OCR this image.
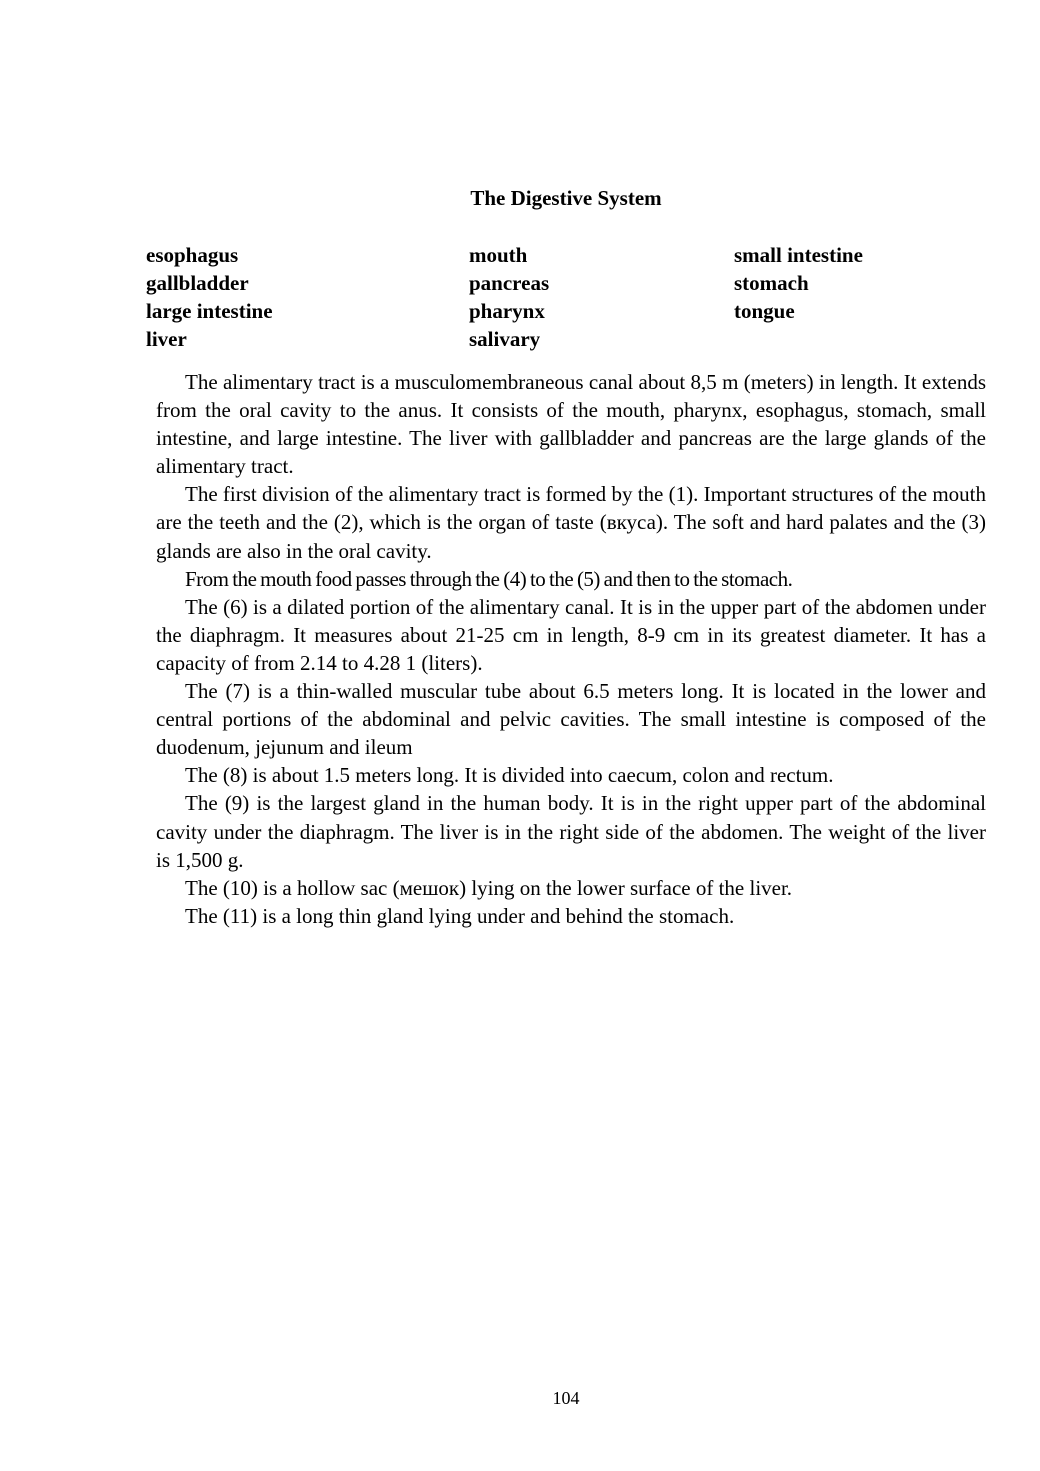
The Digestive System
esophagus
gallbladder
large intestine
liver
mouth
pancreas
pharynx
salivary
small intestine
stomach
tongue

The alimentary tract is a musculomembraneous canal about 8,5 m (meters) in length. It extends from the oral cavity to the anus. It consists of the mouth, pharynx, esophagus, stomach, small intestine, and large intestine. The liver with gallbladder and pancreas are the large glands of the alimentary tract.

The first division of the alimentary tract is formed by the (1). Important structures of the mouth are the teeth and the (2), which is the organ of taste (вкуса). The soft and hard palates and the (3) glands are also in the oral cavity.

From the mouth food passes through the (4) to the (5) and then to the stomach.

The (6) is a dilated portion of the alimentary canal. It is in the upper part of the abdomen under the diaphragm. It measures about 21-25 cm in length, 8-9 cm in its greatest diameter. It has a capacity of from 2.14 to 4.28 1 (liters).

The (7) is a thin-walled muscular tube about 6.5 meters long. It is located in the lower and central portions of the abdominal and pelvic cavities. The small intestine is composed of the duodenum, jejunum and ileum

The (8) is about 1.5 meters long. It is divided into caecum, colon and rectum.

The (9) is the largest gland in the human body. It is in the right upper part of the abdominal cavity under the diaphragm. The liver is in the right side of the abdomen. The weight of the liver is 1,500 g.

The (10) is a hollow sac (мешок) lying on the lower surface of the liver.

The (11) is a long thin gland lying under and behind the stomach.

104
